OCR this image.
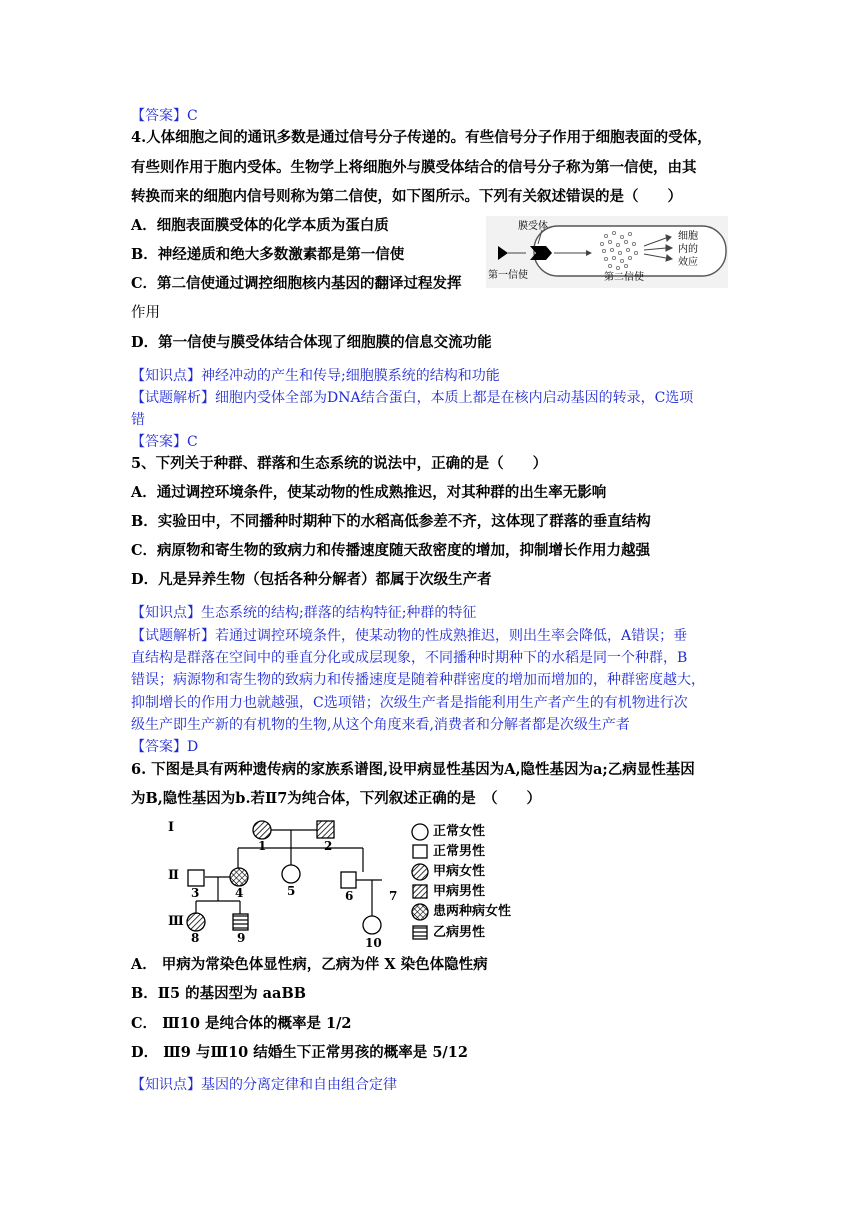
【答案】C
4.人体细胞之间的通讯多数是通过信号分子传递的。有些信号分子作用于细胞表面的受体，
有些则作用于胞内受体。生物学上将细胞外与膜受体结合的信号分子称为第一信使，由其
转换而来的细胞内信号则称为第二信使，如下图所示。下列有关叙述错误的是（　　）
A．细胞表面膜受体的化学本质为蛋白质
B．神经递质和绝大多数激素都是第一信使
C．第二信使通过调控细胞核内基因的翻译过程发挥
作用
D．第一信使与膜受体结合体现了细胞膜的信息交流功能
膜受体
第一信使	第二信使
细胞
内的
效应
【知识点】神经冲动的产生和传导;细胞膜系统的结构和功能
【试题解析】细胞内受体全部为DNA结合蛋白，本质上都是在核内启动基因的转录，C选项
错
【答案】C
5、下列关于种群、群落和生态系统的说法中，正确的是（　　）
A．通过调控环境条件，使某动物的性成熟推迟，对其种群的出生率无影响
B．实验田中，不同播种时期种下的水稻高低参差不齐，这体现了群落的垂直结构
C．病原物和寄生物的致病力和传播速度随天敌密度的增加，抑制增长作用力越强
D．凡是异养生物（包括各种分解者）都属于次级生产者
【知识点】生态系统的结构;群落的结构特征;种群的特征
【试题解析】若通过调控环境条件，使某动物的性成熟推迟，则出生率会降低，A错误；垂
直结构是群落在空间中的垂直分化或成层现象，不同播种时期种下的水稻是同一个种群，B
错误；病源物和寄生物的致病力和传播速度是随着种群密度的增加而增加的，种群密度越大，
抑制增长的作用力也就越强，C选项错；次级生产者是指能利用生产者产生的有机物进行次
级生产即生产新的有机物的生物,从这个角度来看,消费者和分解者都是次级生产者
【答案】D
6. 下图是具有两种遗传病的家族系谱图,设甲病显性基因为A,隐性基因为a;乙病显性基因
为B,隐性基因为b.若Ⅱ7为纯合体，下列叙述正确的是　（　　）
Ⅰ
Ⅱ
Ⅲ
1	2
3	4	5	6	7
8	9	10
正常女性
正常男性
甲病女性
甲病男性
患两种病女性
乙病男性
A． 甲病为常染色体显性病，乙病为伴 X 染色体隐性病
B．Ⅱ5 的基因型为 aaBB
C． Ⅲ10 是纯合体的概率是 1/2
D． Ⅲ9 与Ⅲ10 结婚生下正常男孩的概率是 5/12
【知识点】基因的分离定律和自由组合定律
